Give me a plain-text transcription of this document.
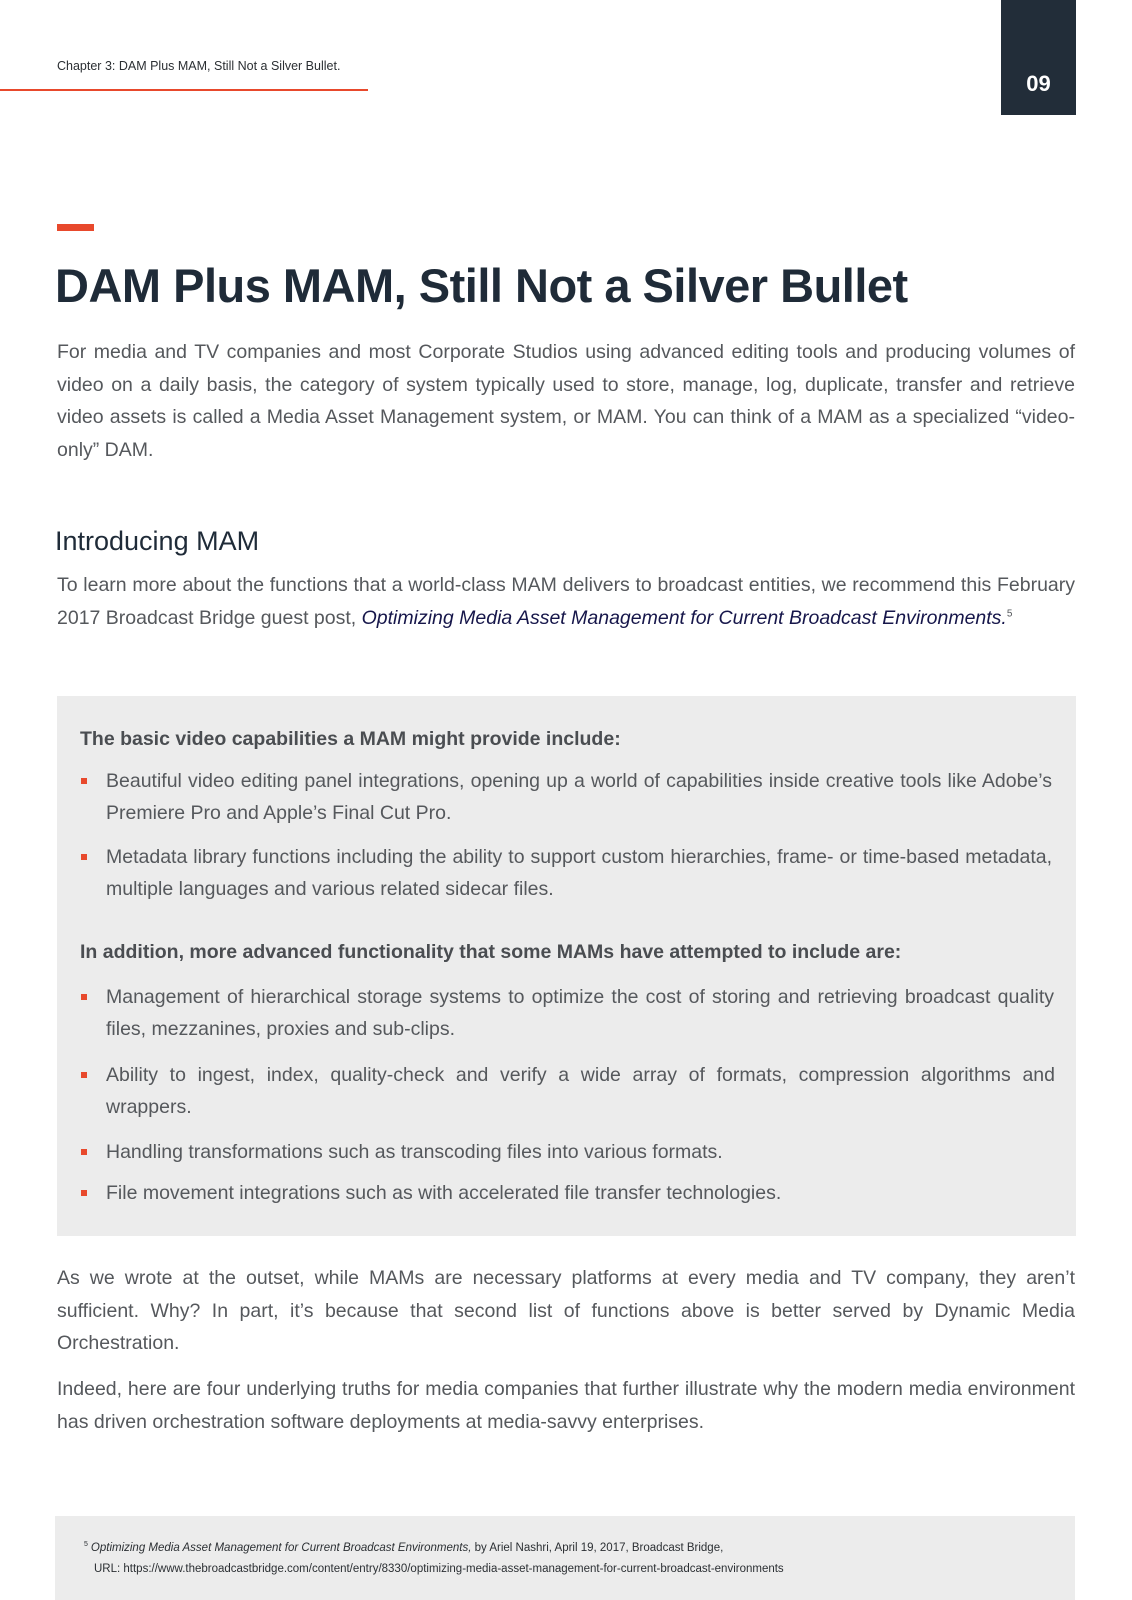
Chapter 3: DAM Plus MAM, Still Not a Silver Bullet.
09
DAM Plus MAM, Still Not a Silver Bullet

For media and TV companies and most Corporate Studios using advanced editing tools and producing volumes of video on a daily basis, the category of system typically used to store, manage, log, duplicate, transfer and retrieve video assets is called a Media Asset Management system, or MAM. You can think of a MAM as a specialized “video-only” DAM.

Introducing MAM

To learn more about the functions that a world-class MAM delivers to broadcast entities, we recommend this February 2017 Broadcast Bridge guest post, Optimizing Media Asset Management for Current Broadcast Environments.$^5$

The basic video capabilities a MAM might provide include:

Beautiful video editing panel integrations, opening up a world of capabilities inside creative tools like Adobe’s Premiere Pro and Apple’s Final Cut Pro.

Metadata library functions including the ability to support custom hierarchies, frame- or time-based metadata, multiple languages and various related sidecar files.

In addition, more advanced functionality that some MAMs have attempted to include are:

Management of hierarchical storage systems to optimize the cost of storing and retrieving broadcast quality files, mezzanines, proxies and sub-clips.

Ability to ingest, index, quality-check and verify a wide array of formats, compression algorithms and wrappers.

Handling transformations such as transcoding files into various formats.

File movement integrations such as with accelerated file transfer technologies.

As we wrote at the outset, while MAMs are necessary platforms at every media and TV company, they aren’t sufficient. Why? In part, it’s because that second list of functions above is better served by Dynamic Media Orchestration.

Indeed, here are four underlying truths for media companies that further illustrate why the modern media environment has driven orchestration software deployments at media-savvy enterprises.

$^5$ Optimizing Media Asset Management for Current Broadcast Environments, by Ariel Nashri, April 19, 2017, Broadcast Bridge,

URL: https://www.thebroadcastbridge.com/content/entry/8330/optimizing-media-asset-management-for-current-broadcast-environments
